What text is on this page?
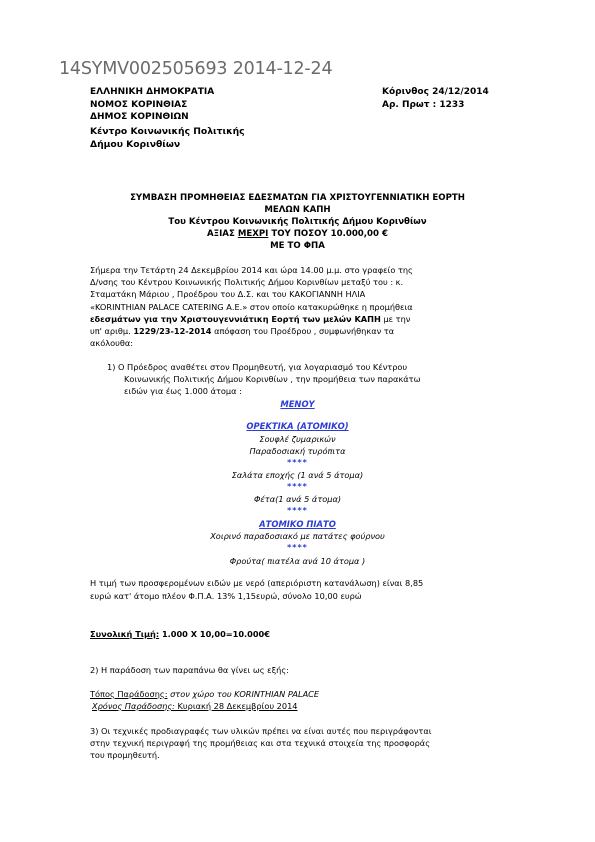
14SYMV002505693 2014-12-24
ΕΛΛΗΝΙΚΗ ΔΗΜΟΚΡΑΤΙΑ
ΝΟΜΟΣ ΚΟΡΙΝΘΙΑΣ
ΔΗΜΟΣ ΚΟΡΙΝΘΙΩΝ
Κέντρο Κοινωνικής Πολιτικής
Δήμου Κορινθίων
Κόρινθος 24/12/2014
Αρ. Πρωτ : 1233
ΣΥΜΒΑΣΗ ΠΡΟΜΗΘΕΙΑΣ ΕΔΕΣΜΑΤΩΝ ΓΙΑ ΧΡΙΣΤΟΥΓΕΝΝΙΑΤΙΚΗ ΕΟΡΤΗ
ΜΕΛΩΝ ΚΑΠΗ
Του Κέντρου Κοινωνικής Πολιτικής Δήμου Κορινθίων
ΑΞΙΑΣ ΜΕΧΡΙ ΤΟΥ ΠΟΣΟΥ 10.000,00 €
ΜΕ ΤΟ ΦΠΑ
Σήμερα την Τετάρτη 24 Δεκεμβρίου 2014 και ώρα 14.00 μ.μ. στο γραφείο της
Δ/νσης του Κέντρου Κοινωνικής Πολιτικής Δήμου Κορινθίων μεταξύ του : κ.
Σταματάκη Μάριου , Προέδρου του Δ.Σ. και του ΚΑΚΟΓΙΑΝΝΗ ΗΛΙΑ
«KORINTHIAN PALACE CATERING Α.Ε.» στον οποίο κατακυρώθηκε η προμήθεια
εδεσμάτων για την Χριστουγεννιάτικη Εορτή των μελών ΚΑΠΗ με την
υπ' αριθμ. 1229/23-12-2014 απόφαση του Προέδρου , συμφωνήθηκαν τα
ακόλουθα:
1) Ο Πρόεδρος αναθέτει στον Προμηθευτή, για λογαριασμό του Κέντρου
Κοινωνικής Πολιτικής Δήμου Κορινθίων , την προμήθεια των παρακάτω
ειδών για έως 1.000 άτομα :
ΜΕΝΟΥ
ΟΡΕΚΤΙΚΑ (ΑΤΟΜΙΚΟ)
Σουφλέ ζυμαρικών
Παραδοσιακή τυρόπιτα
****
Σαλάτα εποχής (1 ανά 5 άτομα)
****
Φέτα(1 ανά 5 άτομα)
****
ΑΤΟΜΙΚΟ ΠΙΑΤΟ
Χοιρινό παραδοσιακό με πατάτες φούρνου
****
Φρούτα( πιατέλα ανά 10 άτομα )
Η τιμή των προσφερομένων ειδών με νερό (απεριόριστη κατανάλωση) είναι 8,85
ευρώ κατ' άτομο πλέον Φ.Π.Α. 13% 1,15ευρώ, σύνολο 10,00 ευρώ
Συνολική Τιμή: 1.000 Χ 10,00=10.000€
2) Η παράδοση των παραπάνω θα γίνει ως εξής:
Τόπος Παράδοσης: στον χώρο του KORINTHIAN PALACE
Χρόνος Παράδοσης: Κυριακή 28 Δεκεμβρίου 2014
3) Οι τεχνικές προδιαγραφές των υλικών πρέπει να είναι αυτές που περιγράφονται
στην τεχνική περιγραφή της προμήθειας και στα τεχνικά στοιχεία της προσφοράς
του προμηθευτή.
